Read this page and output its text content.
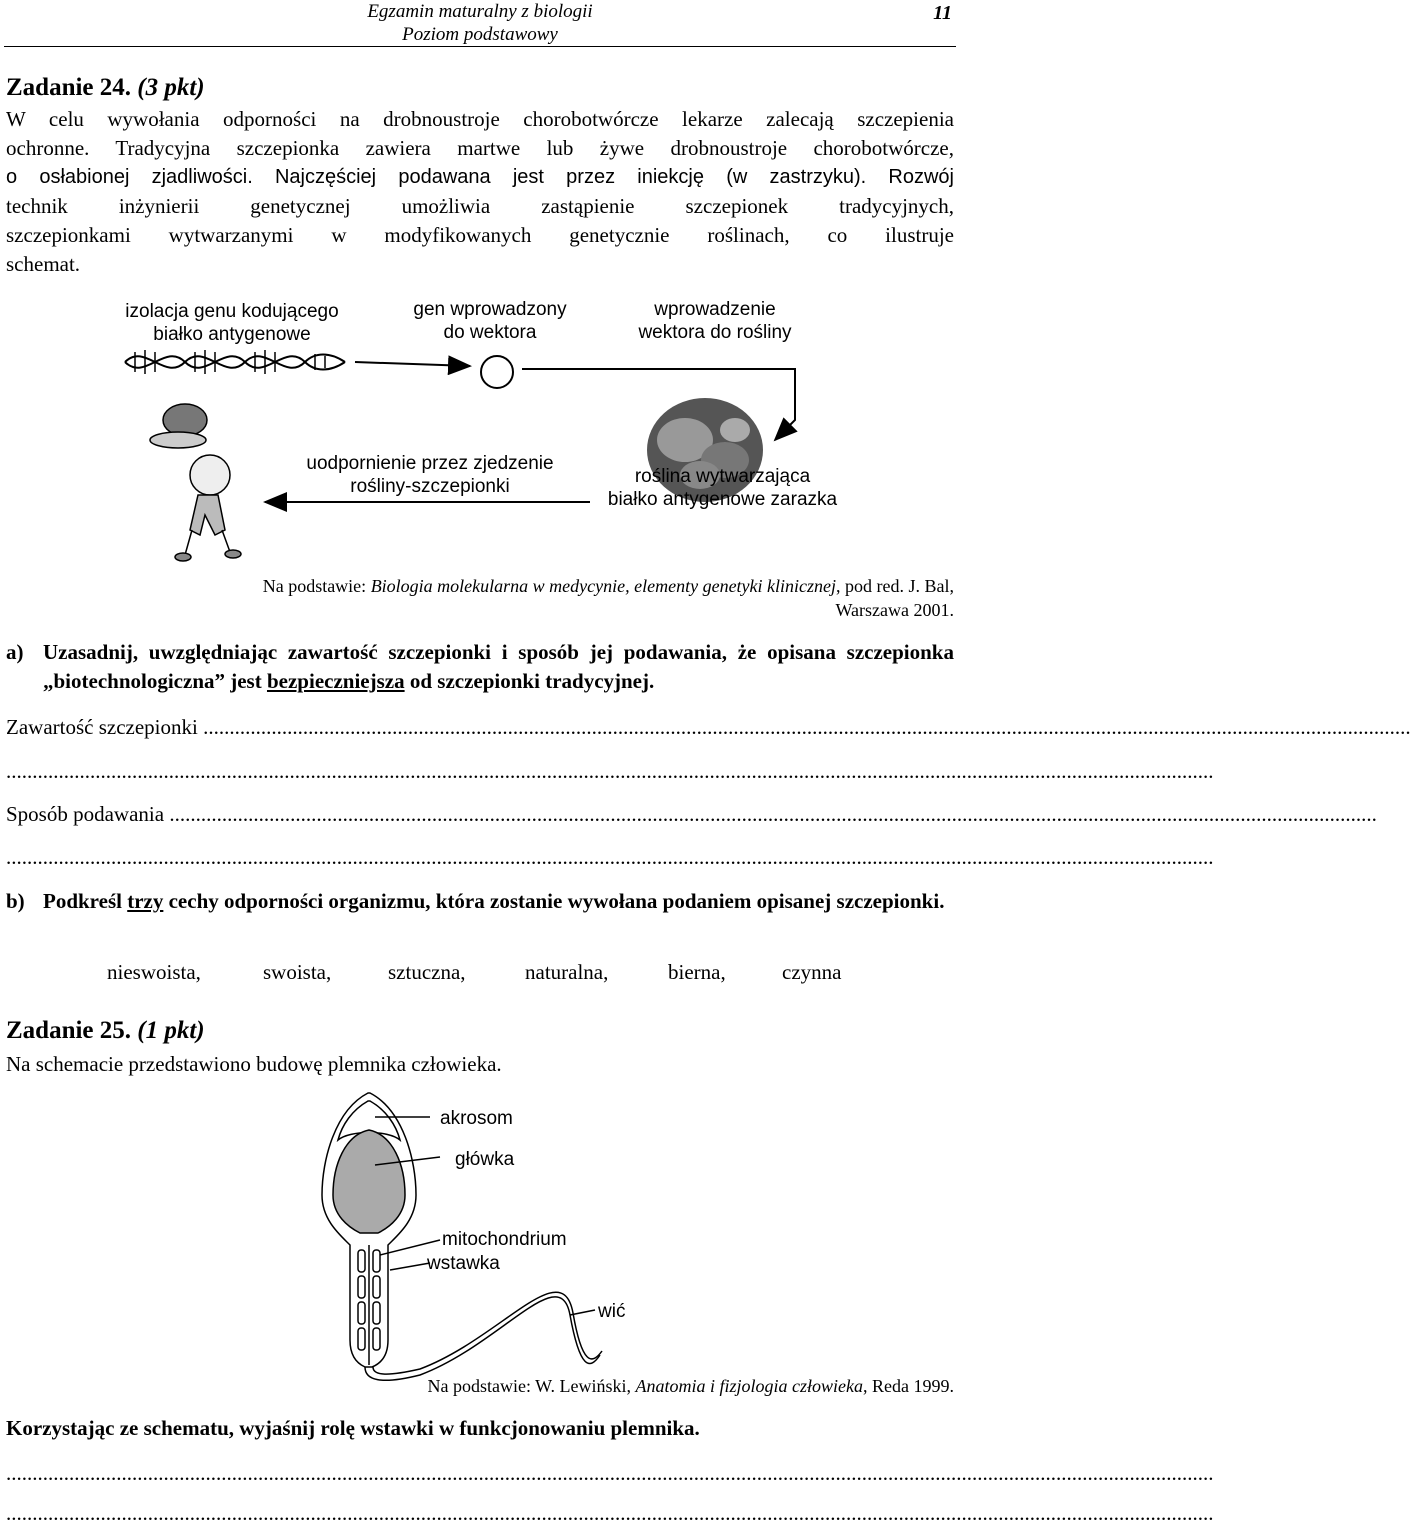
Egzamin maturalny z biologii
Poziom podstawowy
11
Zadanie 24. (3 pkt)
W celu wywołania odporności na drobnoustroje chorobotwórcze lekarze zalecają szczepienia
ochronne. Tradycyjna szczepionka zawiera martwe lub żywe drobnoustroje chorobotwórcze,
o osłabionej zjadliwości. Najczęściej podawana jest przez iniekcję (w zastrzyku). Rozwój
technik inżynierii genetycznej umożliwia zastąpienie szczepionek tradycyjnych,
szczepionkami wytwarzanymi w modyfikowanych genetycznie roślinach, co ilustruje
schemat.
izolacja genu kodującego
białko antygenowe
gen wprowadzony
do wektora
wprowadzenie
wektora do rośliny
uodpornienie przez zjedzenie
rośliny-szczepionki	roślina wytwarzająca
białko antygenowe zarazka
Na podstawie: Biologia molekularna w medycynie, elementy genetyki klinicznej, pod red. J. Bal,
Warszawa 2001.
a) Uzasadnij, uwzględniając zawartość szczepionki i sposób jej podawania, że opisana szczepionka „biotechnologiczna” jest bezpieczniejsza od szczepionki tradycyjnej.
Zawartość szczepionki ......................................................................................................................................................................................................................................
......................................................................................................................................................................................................................................
Sposób podawania ......................................................................................................................................................................................................................................
......................................................................................................................................................................................................................................
b) Podkreśl trzy cechy odporności organizmu, która zostanie wywołana podaniem opisanej szczepionki.
nieswoista,	swoista,	sztuczna,	naturalna,	bierna,	czynna
Zadanie 25. (1 pkt)
Na schemacie przedstawiono budowę plemnika człowieka.
akrosom
główka
mitochondrium
wstawka
wić
Na podstawie: W. Lewiński, Anatomia i fizjologia człowieka, Reda 1999.
Korzystając ze schematu, wyjaśnij rolę wstawki w funkcjonowaniu plemnika.
......................................................................................................................................................................................................................................
......................................................................................................................................................................................................................................
